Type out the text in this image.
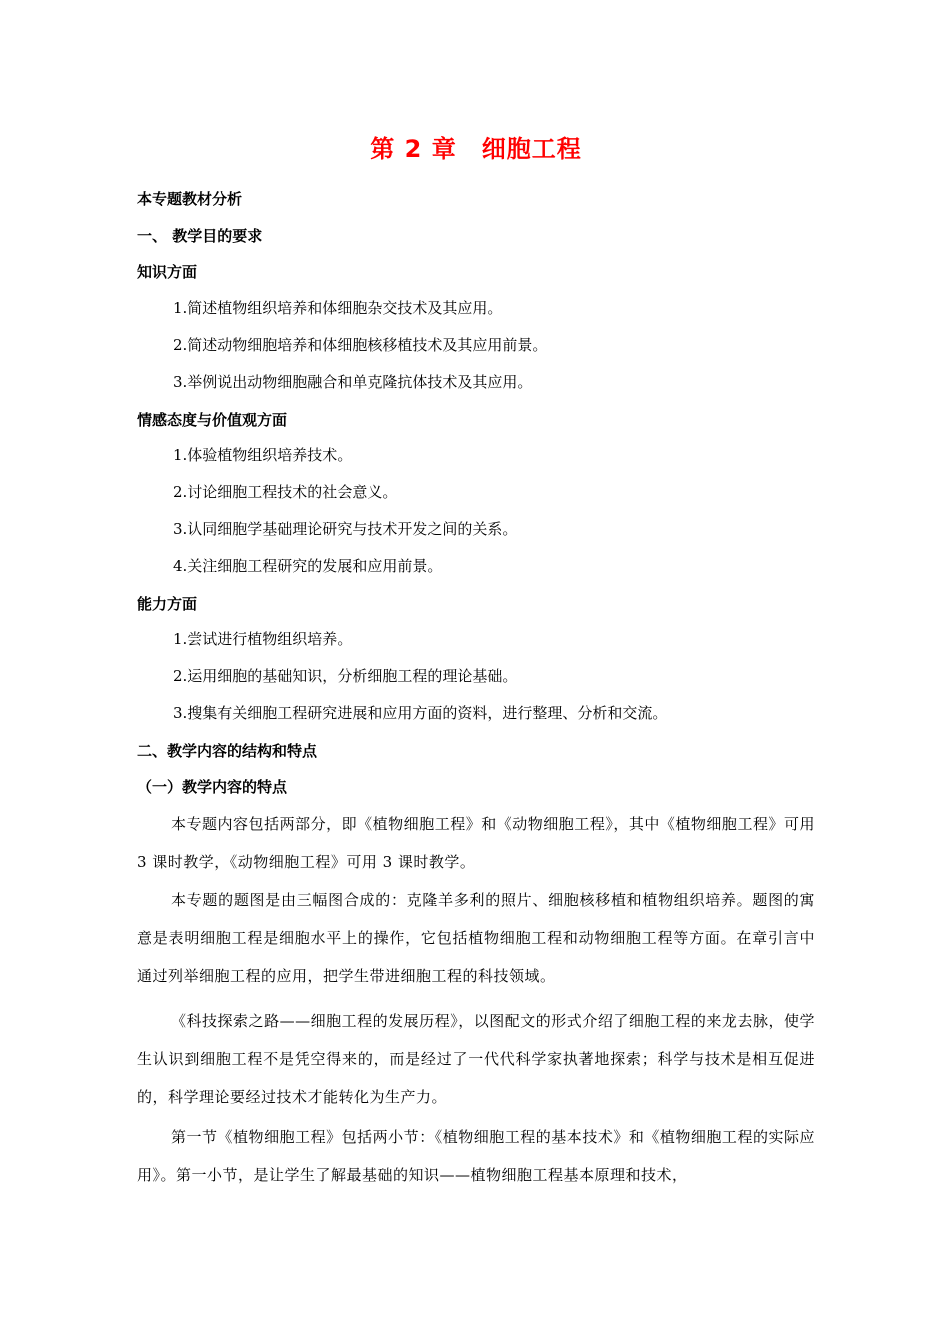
第 2 章　细胞工程
本专题教材分析
一、 教学目的要求
知识方面
1.简述植物组织培养和体细胞杂交技术及其应用。
2.简述动物细胞培养和体细胞核移植技术及其应用前景。
3.举例说出动物细胞融合和单克隆抗体技术及其应用。
情感态度与价值观方面
1.体验植物组织培养技术。
2.讨论细胞工程技术的社会意义。
3.认同细胞学基础理论研究与技术开发之间的关系。
4.关注细胞工程研究的发展和应用前景。
能力方面
1.尝试进行植物组织培养。
2.运用细胞的基础知识，分析细胞工程的理论基础。
3.搜集有关细胞工程研究进展和应用方面的资料，进行整理、分析和交流。
二、教学内容的结构和特点
（一）教学内容的特点
本专题内容包括两部分，即《植物细胞工程》和《动物细胞工程》，其中《植物细胞工程》可用 3 课时教学，《动物细胞工程》可用 3 课时教学。
本专题的题图是由三幅图合成的：克隆羊多利的照片、细胞核移植和植物组织培养。题图的寓意是表明细胞工程是细胞水平上的操作，它包括植物细胞工程和动物细胞工程等方面。在章引言中通过列举细胞工程的应用，把学生带进细胞工程的科技领域。
《科技探索之路——细胞工程的发展历程》，以图配文的形式介绍了细胞工程的来龙去脉，使学生认识到细胞工程不是凭空得来的，而是经过了一代代科学家执著地探索；科学与技术是相互促进的，科学理论要经过技术才能转化为生产力。
第一节《植物细胞工程》包括两小节：《植物细胞工程的基本技术》和《植物细胞工程的实际应用》。第一小节，是让学生了解最基础的知识——植物细胞工程基本原理和技术，
